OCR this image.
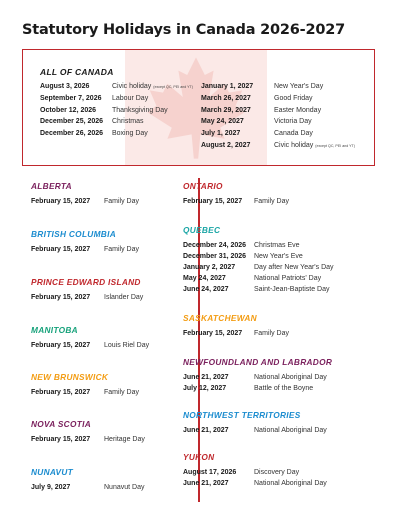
Statutory Holidays in Canada 2026-2027
ALL OF CANADA
August 3, 2026	Civic holiday (except QC, PEI and YT)
September 7, 2026 Labour Day
October 12, 2026 Thanksgiving Day
December 25, 2026 Christmas
December 26, 2026 Boxing Day
January 1, 2027	New Year's Day
March 26, 2027	Good Friday
March 29, 2027	Easter Monday
May 24, 2027	Victoria Day
July 1, 2027	Canada Day
August 2, 2027	Civic holiday (except QC, PEI and YT)
ALBERTA
February 15, 2027 Family Day
BRITISH COLUMBIA
February 15, 2027 Family Day
PRINCE EDWARD ISLAND
February 15, 2027 Islander Day
MANITOBA
February 15, 2027 Louis Riel Day
NEW BRUNSWICK
February 15, 2027 Family Day
NOVA SCOTIA
February 15, 2027 Heritage Day
NUNAVUT
July 9, 2027	Nunavut Day
ONTARIO
February 15, 2027 Family Day
QUEBEC
December 24, 2026 Christmas Eve
December 31, 2026 New Year's Eve
January 2, 2027	Day after New Year's Day
May 24, 2027	National Patriots' Day
June 24, 2027	Saint-Jean-Baptiste Day
SASKATCHEWAN
February 15, 2027 Family Day
NEWFOUNDLAND AND LABRADOR
June 21, 2027	National Aboriginal Day
July 12, 2027	Battle of the Boyne
NORTHWEST TERRITORIES
June 21, 2027	National Aboriginal Day
YUKON
August 17, 2026	Discovery Day
June 21, 2027	National Aboriginal Day
